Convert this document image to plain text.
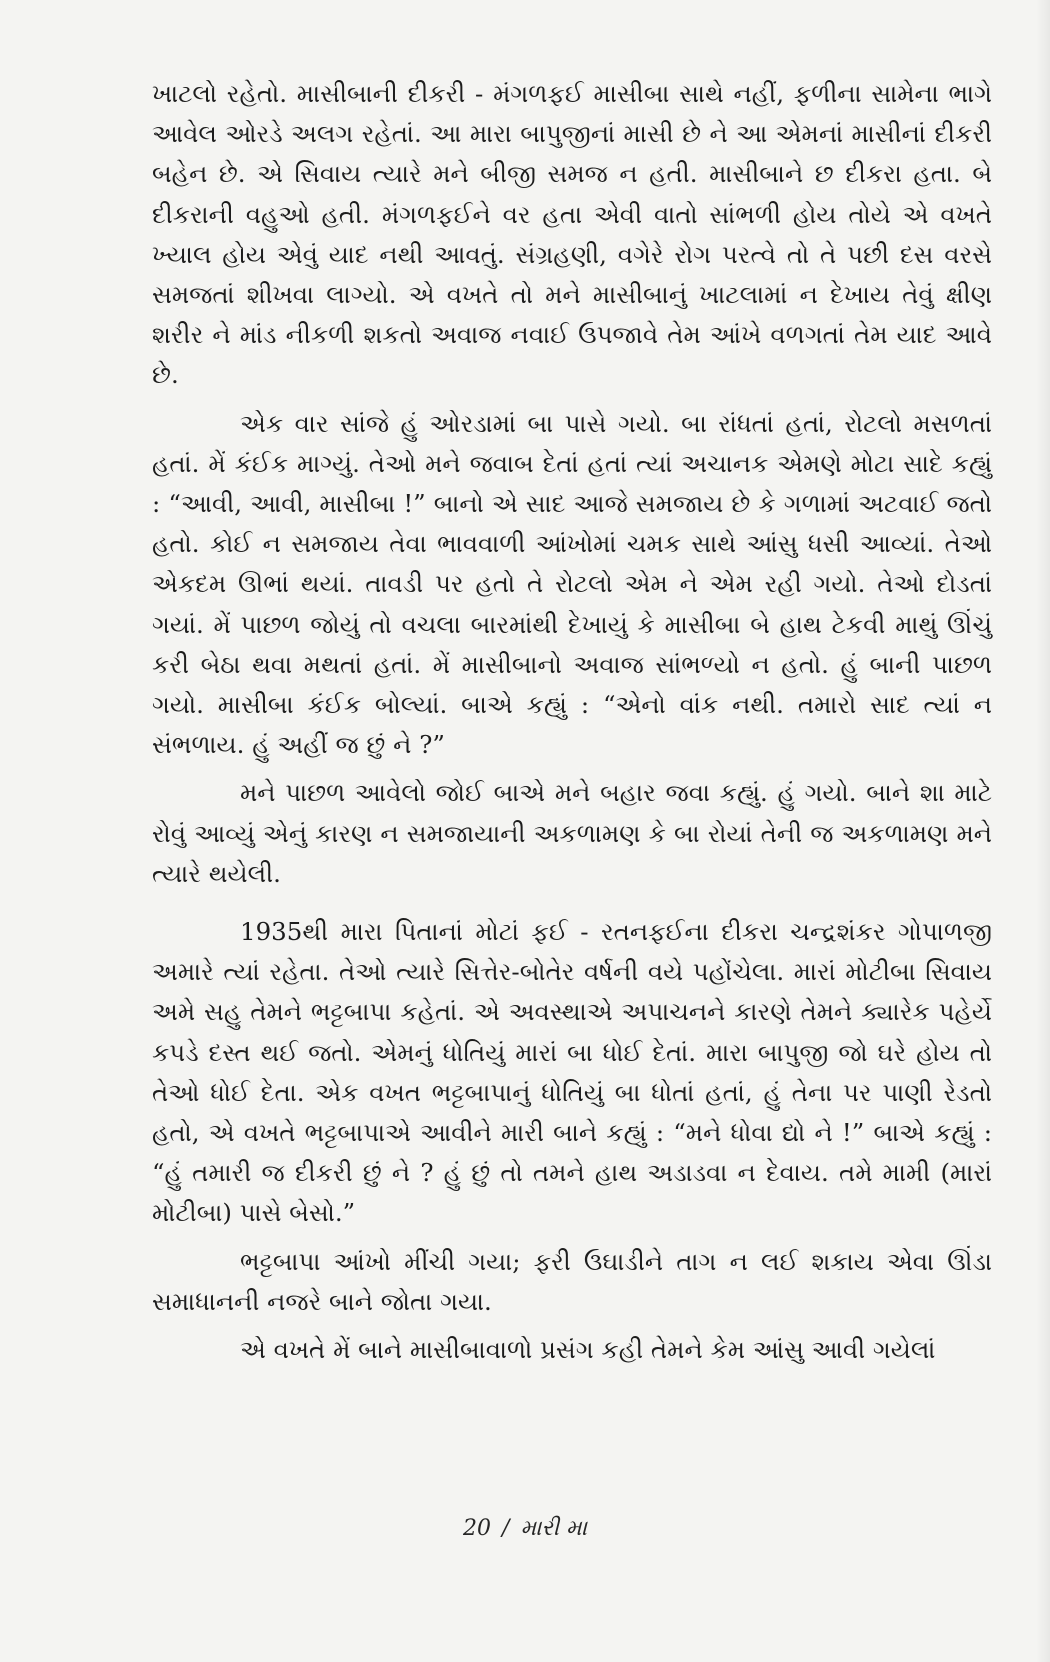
ખાટલો રહેતો. માસીબાની દીકરી - મંગળફઈ માસીબા સાથે નહીં, ફળીના સામેના ભાગે આવેલ ઓરડે અલગ રહેતાં. આ મારા બાપુજીનાં માસી છે ને આ એમનાં માસીનાં દીકરી બહેન છે. એ સિવાય ત્યારે મને બીજી સમજ ન હતી. માસીબાને છ દીકરા હતા. બે દીકરાની વહુઓ હતી. મંગળફઈને વર હતા એવી વાતો સાંભળી હોય તોયે એ વખતે ખ્યાલ હોય એવું યાદ નથી આવતું. સંગ્રહણી, વગેરે રોગ પરત્વે તો તે પછી દસ વરસે સમજતાં શીખવા લાગ્યો. એ વખતે તો મને માસીબાનું ખાટલામાં ન દેખાય તેવું ક્ષીણ શરીર ને માંડ નીકળી શકતો અવાજ નવાઈ ઉપજાવે તેમ આંખે વળગતાં તેમ યાદ આવે છે.

એક વાર સાંજે હું ઓરડામાં બા પાસે ગયો. બા રાંધતાં હતાં, રોટલો મસળતાં હતાં. મેં કંઈક માગ્યું. તેઓ મને જવાબ દેતાં હતાં ત્યાં અચાનક એમણે મોટા સાદે કહ્યું : “આવી, આવી, માસીબા !” બાનો એ સાદ આજે સમજાય છે કે ગળામાં અટવાઈ જતો હતો. કોઈ ન સમજાય તેવા ભાવવાળી આંખોમાં ચમક સાથે આંસુ ધસી આવ્યાં. તેઓ એકદમ ઊભાં થયાં. તાવડી પર હતો તે રોટલો એમ ને એમ રહી ગયો. તેઓ દોડતાં ગયાં. મેં પાછળ જોયું તો વચલા બારમાંથી દેખાયું કે માસીબા બે હાથ ટેકવી માથું ઊંચું કરી બેઠા થવા મથતાં હતાં. મેં માસીબાનો અવાજ સાંભળ્યો ન હતો. હું બાની પાછળ ગયો. માસીબા કંઈક બોલ્યાં. બાએ કહ્યું : “એનો વાંક નથી. તમારો સાદ ત્યાં ન સંભળાય. હું અહીં જ છું ને ?”

મને પાછળ આવેલો જોઈ બાએ મને બહાર જવા કહ્યું. હું ગયો. બાને શા માટે રોવું આવ્યું એનું કારણ ન સમજાયાની અકળામણ કે બા રોયાં તેની જ અકળામણ મને ત્યારે થયેલી.

1935થી મારા પિતાનાં મોટાં ફઈ - રતનફઈના દીકરા ચન્દ્રશંકર ગોપાળજી અમારે ત્યાં રહેતા. તેઓ ત્યારે સિત્તેર-બોતેર વર્ષની વયે પહોંચેલા. મારાં મોટીબા સિવાય અમે સહુ તેમને ભટ્ટબાપા કહેતાં. એ અવસ્થાએ અપાચનને કારણે તેમને ક્યારેક પહેર્યે કપડે દસ્ત થઈ જતો. એમનું ધોતિયું મારાં બા ધોઈ દેતાં. મારા બાપુજી જો ઘરે હોય તો તેઓ ધોઈ દેતા. એક વખત ભટ્ટબાપાનું ધોતિયું બા ધોતાં હતાં, હું તેના પર પાણી રેડતો હતો, એ વખતે ભટ્ટબાપાએ આવીને મારી બાને કહ્યું : “મને ધોવા દ્યો ને !” બાએ કહ્યું : “હું તમારી જ દીકરી છું ને ? હું છું તો તમને હાથ અડાડવા ન દેવાય. તમે મામી (મારાં મોટીબા) પાસે બેસો.”

ભટ્ટબાપા આંખો મીંચી ગયા; ફરી ઉઘાડીને તાગ ન લઈ શકાય એવા ઊંડા સમાધાનની નજરે બાને જોતા ગયા.

એ વખતે મેં બાને માસીબાવાળો પ્રસંગ કહી તેમને કેમ આંસુ આવી ગયેલાં

20 / મારી મા
